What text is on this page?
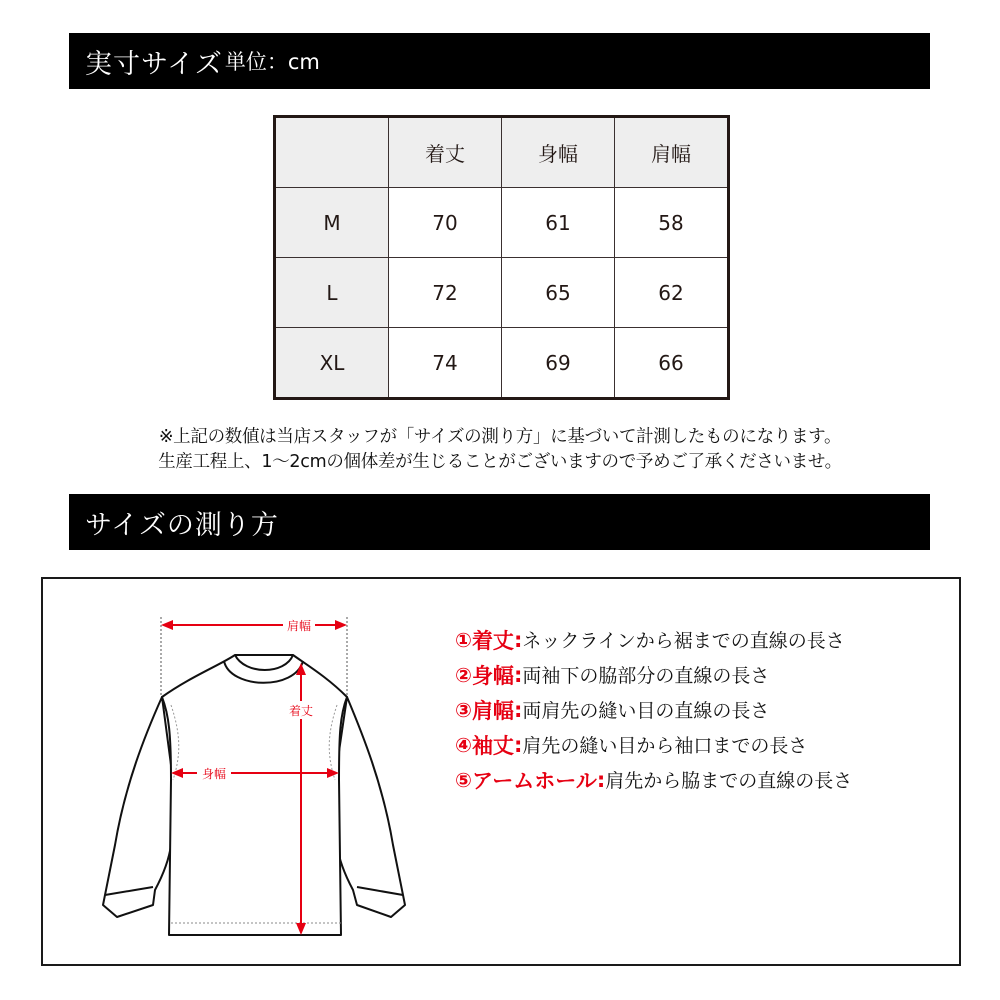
実寸サイズ 単位：cm
	着丈	身幅	肩幅
M	70	61	58
L	72	65	62
XL	74	69	66
※上記の数値は当店スタッフが「サイズの測り方」に基づいて計測したものになります。
生産工程上、1〜2cmの個体差が生じることがございますので予めご了承くださいませ。
サイズの測り方
肩幅
着丈
身幅
① 着丈 : ネックラインから裾までの直線の長さ
② 身幅 : 両袖下の脇部分の直線の長さ
③ 肩幅 : 両肩先の縫い目の直線の長さ
④ 袖丈 : 肩先の縫い目から袖口までの長さ
⑤ アームホール : 肩先から脇までの直線の長さ
